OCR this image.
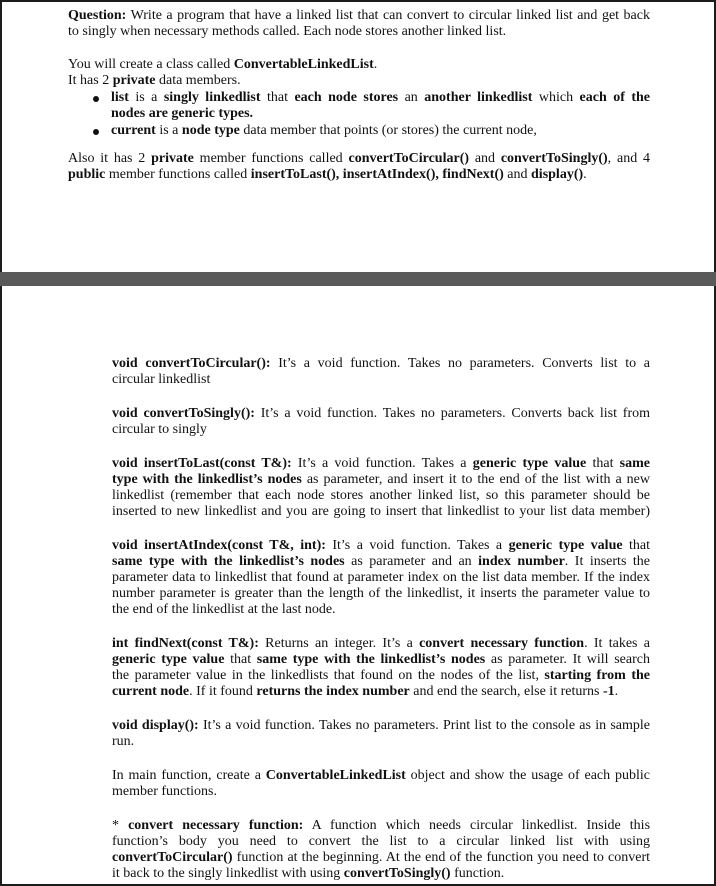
Question: Write a program that have a linked list that can convert to circular linked list and get back
to singly when necessary methods called. Each node stores another linked list.
You will create a class called ConvertableLinkedList.
It has 2 private data members.
list is a singly linkedlist that each node stores an another linkedlist which each of the
nodes are generic types.
current is a node type data member that points (or stores) the current node,
Also it has 2 private member functions called convertToCircular() and convertToSingly(), and 4
public member functions called insertToLast(), insertAtIndex(), findNext() and display().
void convertToCircular(): It’s a void function. Takes no parameters. Converts list to a
circular linkedlist
void convertToSingly(): It’s a void function. Takes no parameters. Converts back list from
circular to singly
void insertToLast(const T&): It’s a void function. Takes a generic type value that same
type with the linkedlist’s nodes as parameter, and insert it to the end of the list with a new
linkedlist (remember that each node stores another linked list, so this parameter should be
inserted to new linkedlist and you are going to insert that linkedlist to your list data member)
void insertAtIndex(const T&, int): It’s a void function. Takes a generic type value that
same type with the linkedlist’s nodes as parameter and an index number. It inserts the
parameter data to linkedlist that found at parameter index on the list data member. If the index
number parameter is greater than the length of the linkedlist, it inserts the parameter value to
the end of the linkedlist at the last node.
int findNext(const T&): Returns an integer. It’s a convert necessary function. It takes a
generic type value that same type with the linkedlist’s nodes as parameter. It will search
the parameter value in the linkedlists that found on the nodes of the list, starting from the
current node. If it found returns the index number and end the search, else it returns -1.
void display(): It’s a void function. Takes no parameters. Print list to the console as in sample
run.
In main function, create a ConvertableLinkedList object and show the usage of each public
member functions.
* convert necessary function: A function which needs circular linkedlist. Inside this
function’s body you need to convert the list to a circular linked list with using
convertToCircular() function at the beginning. At the end of the function you need to convert
it back to the singly linkedlist with using convertToSingly() function.
